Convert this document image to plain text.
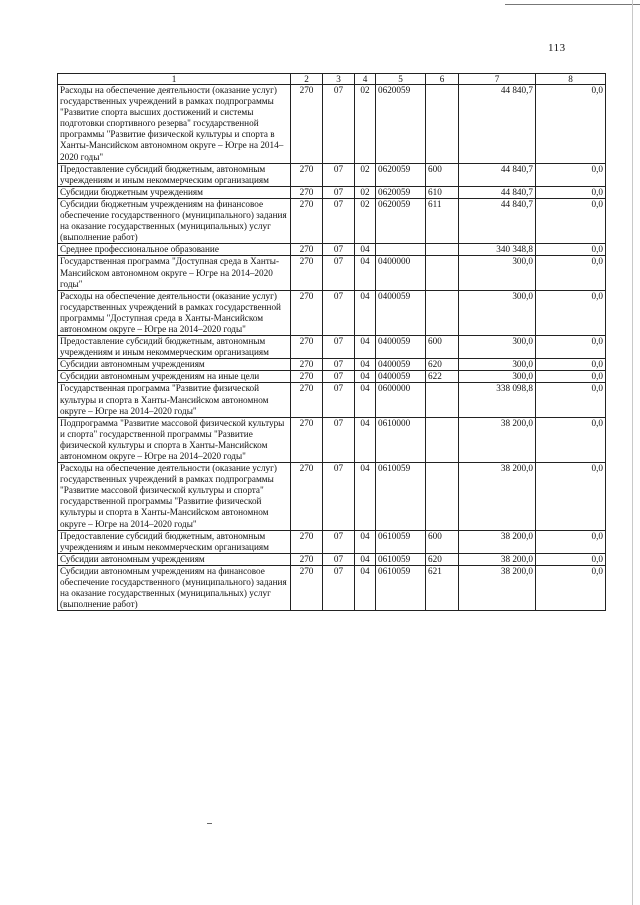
113
1	2	3	4	5	6	7	8
Расходы на обеспечение деятельности (оказание услуг) государственных учреждений в рамках подпрограммы "Развитие спорта высших достижений и системы подготовки спортивного резерва" государственной программы "Развитие физической культуры и спорта в Ханты-Мансийском автономном округе – Югре на 2014–2020 годы"	270	07	02	0620059		44 840,7	0,0
Предоставление субсидий бюджетным, автономным учреждениям и иным некоммерческим организациям	270	07	02	0620059	600	44 840,7	0,0
Субсидии бюджетным учреждениям	270	07	02	0620059	610	44 840,7	0,0
Субсидии бюджетным учреждениям на финансовое обеспечение государственного (муниципального) задания на оказание государственных (муниципальных) услуг (выполнение работ)	270	07	02	0620059	611	44 840,7	0,0
Среднее профессиональное образование	270	07	04			340 348,8	0,0
Государственная программа "Доступная среда в Ханты-Мансийском автономном округе – Югре на 2014–2020 годы"	270	07	04	0400000		300,0	0,0
Расходы на обеспечение деятельности (оказание услуг) государственных учреждений в рамках государственной программы "Доступная среда в Ханты-Мансийском автономном округе – Югре на 2014–2020 годы"	270	07	04	0400059		300,0	0,0
Предоставление субсидий бюджетным, автономным учреждениям и иным некоммерческим организациям	270	07	04	0400059	600	300,0	0,0
Субсидии автономным учреждениям	270	07	04	0400059	620	300,0	0,0
Субсидии автономным учреждениям на иные цели	270	07	04	0400059	622	300,0	0,0
Государственная программа "Развитие физической культуры и спорта в Ханты-Мансийском автономном округе – Югре на 2014–2020 годы"	270	07	04	0600000		338 098,8	0,0
Подпрограмма "Развитие массовой физической культуры и спорта" государственной программы "Развитие физической культуры и спорта в Ханты-Мансийском автономном округе – Югре на 2014–2020 годы"	270	07	04	0610000		38 200,0	0,0
Расходы на обеспечение деятельности (оказание услуг) государственных учреждений в рамках подпрограммы "Развитие массовой физической культуры и спорта" государственной программы "Развитие физической культуры и спорта в Ханты-Мансийском автономном округе – Югре на 2014–2020 годы"	270	07	04	0610059		38 200,0	0,0
Предоставление субсидий бюджетным, автономным учреждениям и иным некоммерческим организациям	270	07	04	0610059	600	38 200,0	0,0
Субсидии автономным учреждениям	270	07	04	0610059	620	38 200,0	0,0
Субсидии автономным учреждениям на финансовое обеспечение государственного (муниципального) задания на оказание государственных (муниципальных) услуг (выполнение работ)	270	07	04	0610059	621	38 200,0	0,0
